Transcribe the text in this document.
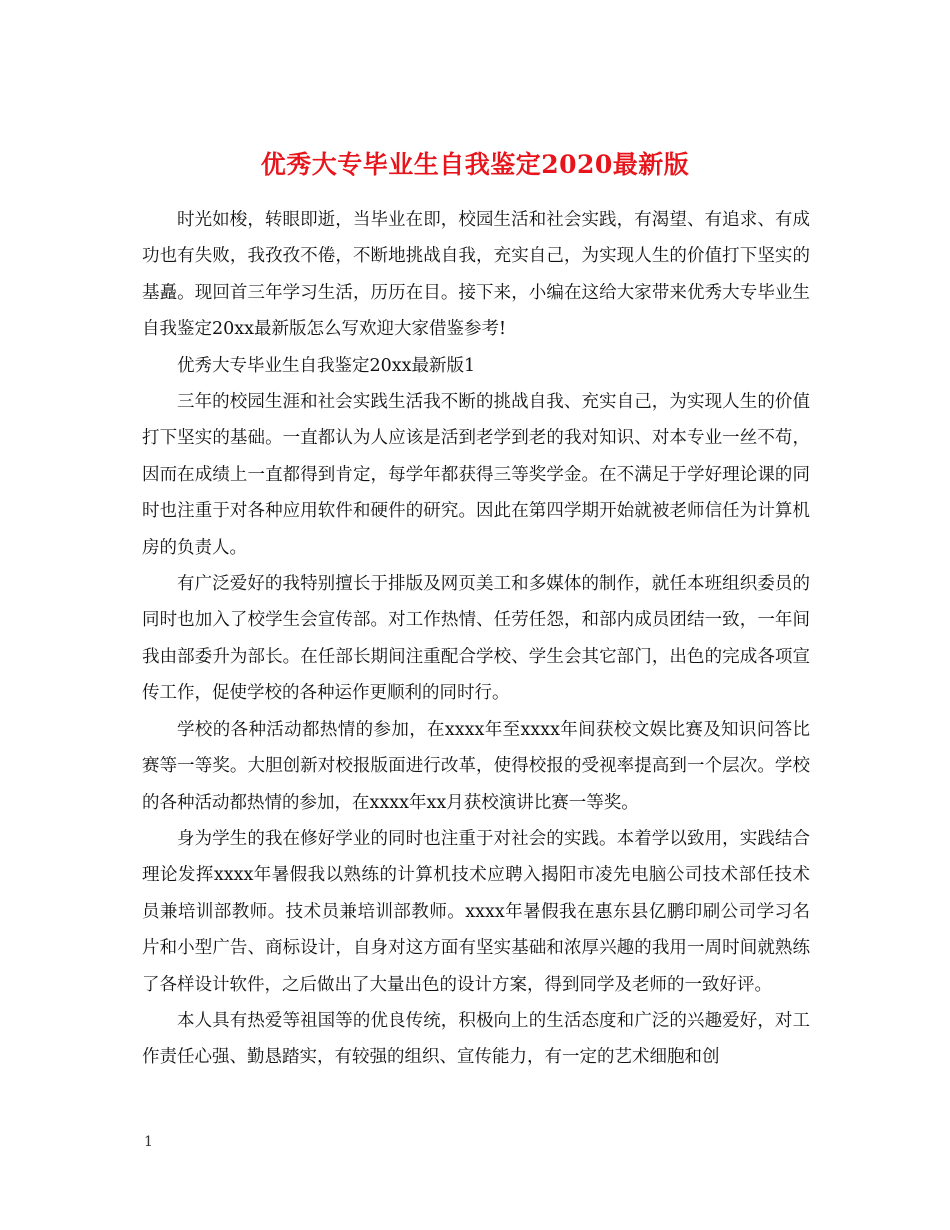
优秀大专毕业生自我鉴定2020最新版

时光如梭，转眼即逝，当毕业在即，校园生活和社会实践，有渴望、有追求、有成功也有失败，我孜孜不倦，不断地挑战自我，充实自己，为实现人生的价值打下坚实的基矗。现回首三年学习生活，历历在目。接下来，小编在这给大家带来优秀大专毕业生自我鉴定20xx最新版怎么写欢迎大家借鉴参考!

优秀大专毕业生自我鉴定20xx最新版1

三年的校园生涯和社会实践生活我不断的挑战自我、充实自己，为实现人生的价值打下坚实的基础。一直都认为人应该是活到老学到老的我对知识、对本专业一丝不苟，因而在成绩上一直都得到肯定，每学年都获得三等奖学金。在不满足于学好理论课的同时也注重于对各种应用软件和硬件的研究。因此在第四学期开始就被老师信任为计算机房的负责人。

有广泛爱好的我特别擅长于排版及网页美工和多媒体的制作，就任本班组织委员的同时也加入了校学生会宣传部。对工作热情、任劳任怨，和部内成员团结一致，一年间我由部委升为部长。在任部长期间注重配合学校、学生会其它部门，出色的完成各项宣传工作，促使学校的各种运作更顺利的同时行。

学校的各种活动都热情的参加，在xxxx年至xxxx年间获校文娱比赛及知识问答比赛等一等奖。大胆创新对校报版面进行改革，使得校报的受视率提高到一个层次。学校的各种活动都热情的参加，在xxxx年xx月获校演讲比赛一等奖。

身为学生的我在修好学业的同时也注重于对社会的实践。本着学以致用，实践结合理论发挥xxxx年暑假我以熟练的计算机技术应聘入揭阳市凌先电脑公司技术部任技术员兼培训部教师。技术员兼培训部教师。xxxx年暑假我在惠东县亿鹏印刷公司学习名片和小型广告、商标设计，自身对这方面有坚实基础和浓厚兴趣的我用一周时间就熟练了各样设计软件，之后做出了大量出色的设计方案，得到同学及老师的一致好评。

本人具有热爱等祖国等的优良传统，积极向上的生活态度和广泛的兴趣爱好，对工作责任心强、勤恳踏实，有较强的组织、宣传能力，有一定的艺术细胞和创

1
